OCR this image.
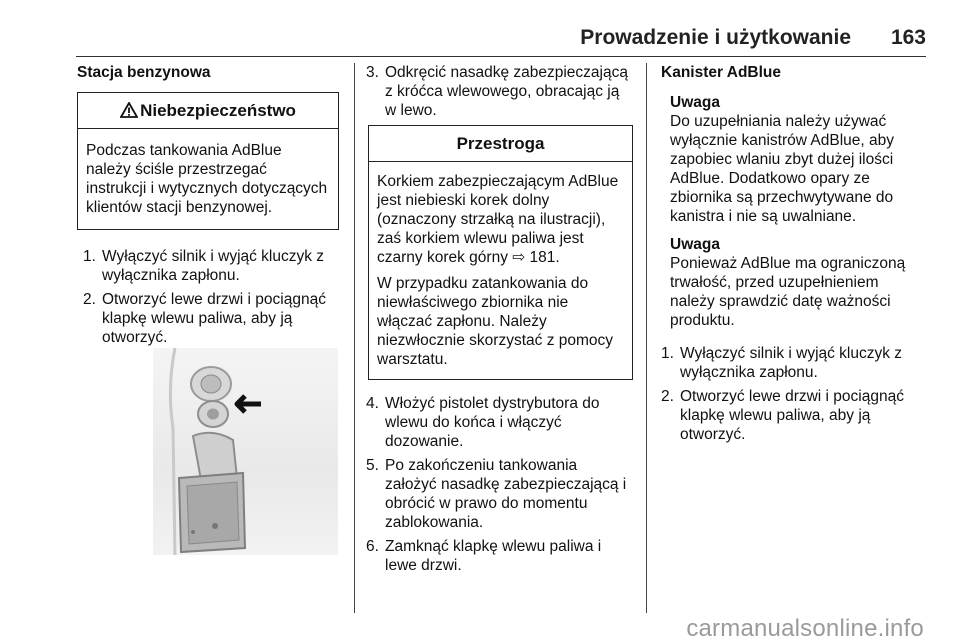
Prowadzenie i użytkowanie 163

Stacja benzynowa

Niebezpieczeństwo

Podczas tankowania AdBlue należy ściśle przestrzegać instrukcji i wytycznych dotyczących klientów stacji benzynowej.

1. Wyłączyć silnik i wyjąć kluczyk z wyłącznika zapłonu.
2. Otworzyć lewe drzwi i pociągnąć klapkę wlewu paliwa, aby ją otworzyć.
3. Odkręcić nasadkę zabezpieczającą z króćca wlewowego, obracając ją w lewo.
Przestroga

Korkiem zabezpieczającym AdBlue jest niebieski korek dolny (oznaczony strzałką na ilustracji), zaś korkiem wlewu paliwa jest czarny korek górny ⇨ 181.

W przypadku zatankowania do niewłaściwego zbiornika nie włączać zapłonu. Należy niezwłocznie skorzystać z pomocy warsztatu.

4. Włożyć pistolet dystrybutora do wlewu do końca i włączyć dozowanie.
5. Po zakończeniu tankowania założyć nasadkę zabezpieczającą i obrócić w prawo do momentu zablokowania.
6. Zamknąć klapkę wlewu paliwa i lewe drzwi.

Kanister AdBlue

Uwaga
Do uzupełniania należy używać wyłącznie kanistrów AdBlue, aby zapobiec wlaniu zbyt dużej ilości AdBlue. Dodatkowo opary ze zbiornika są przechwytywane do kanistra i nie są uwalniane.
Uwaga
Ponieważ AdBlue ma ograniczoną trwałość, przed uzupełnieniem należy sprawdzić datę ważności produktu.
1. Wyłączyć silnik i wyjąć kluczyk z wyłącznika zapłonu.
2. Otworzyć lewe drzwi i pociągnąć klapkę wlewu paliwa, aby ją otworzyć.
carmanualsonline.info
